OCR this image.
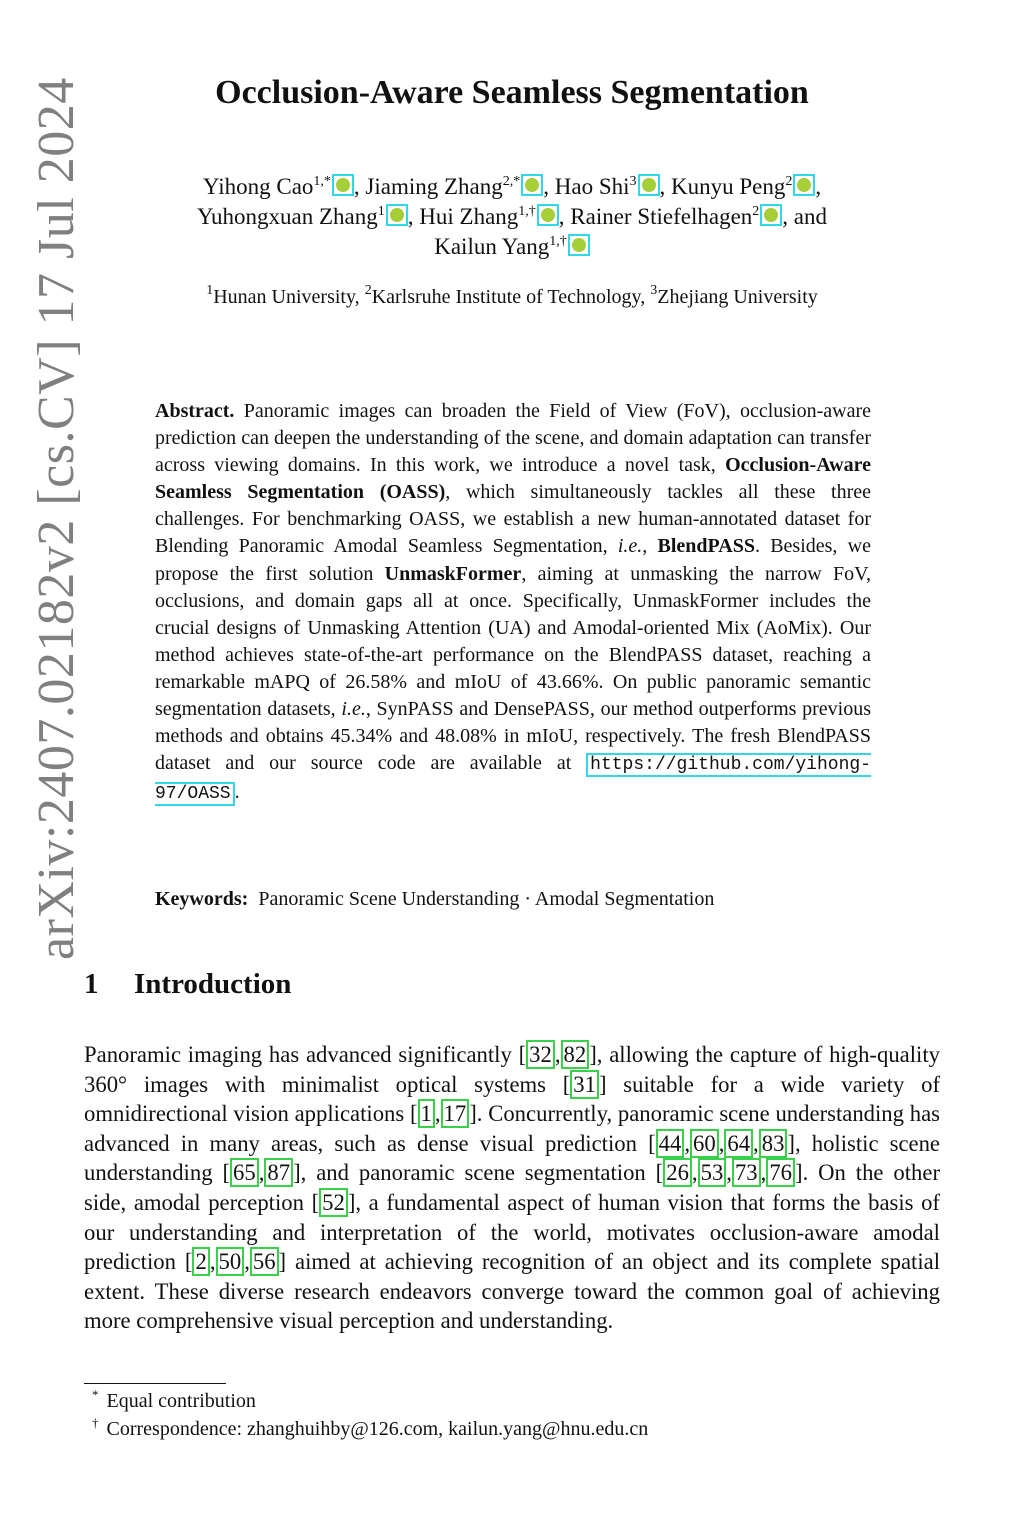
arXiv:2407.02182v2 [cs.CV] 17 Jul 2024	Occlusion-Aware Seamless Segmentation
Yihong Cao$^{1,*}$ , Jiaming Zhang$^{2,*}$ , Hao Shi$^3$ , Kunyu Peng$^2$ ,
Yuhongxuan Zhang$^1$ , Hui Zhang$^{1,\dagger}$ , Rainer Stiefelhagen$^2$ , and
Kailun Yang$^{1,\dagger}$
$^1$Hunan University, $^2$Karlsruhe Institute of Technology, $^3$Zhejiang University
Abstract. Panoramic images can broaden the Field of View (FoV), occlusion-aware prediction can deepen the understanding of the scene, and domain adaptation can transfer across viewing domains. In this work, we introduce a novel task, Occlusion-Aware Seamless Segmentation (OASS), which simultaneously tackles all these three challenges. For benchmarking OASS, we establish a new human-annotated dataset for Blending Panoramic Amodal Seamless Segmentation, i.e., BlendPASS. Besides, we propose the first solution UnmaskFormer, aiming at unmasking the narrow FoV, occlusions, and domain gaps all at once. Specifically, UnmaskFormer includes the crucial designs of Unmasking Attention (UA) and Amodal-oriented Mix (AoMix). Our method achieves state-of-the-art performance on the BlendPASS dataset, reaching a remarkable mAPQ of 26.58% and mIoU of 43.66%. On public panoramic semantic segmentation datasets, i.e., SynPASS and DensePASS, our method outperforms previous methods and obtains 45.34% and 48.08% in mIoU, respectively. The fresh BlendPASS dataset and our source code are available at https://github.com/yihong-97/OASS .
Keywords: Panoramic Scene Understanding · Amodal Segmentation
1 Introduction
Panoramic imaging has advanced significantly [ 32 , 82 ], allowing the capture of high-quality 360° images with minimalist optical systems [ 31 ] suitable for a wide variety of omnidirectional vision applications [ 1 , 17 ]. Concurrently, panoramic scene understanding has advanced in many areas, such as dense visual prediction [ 44 , 60 , 64 , 83 ], holistic scene understanding [ 65 , 87 ], and panoramic scene segmentation [ 26 , 53 , 73 , 76 ]. On the other side, amodal perception [ 52 ], a fundamental aspect of human vision that forms the basis of our understanding and interpretation of the world, motivates occlusion-aware amodal prediction [ 2 , 50 , 56 ] aimed at achieving recognition of an object and its complete spatial extent. These diverse research endeavors converge toward the common goal of achieving more comprehensive visual perception and understanding.
* Equal contribution
† Correspondence: zhanghuihby@126.com, kailun.yang@hnu.edu.cn
